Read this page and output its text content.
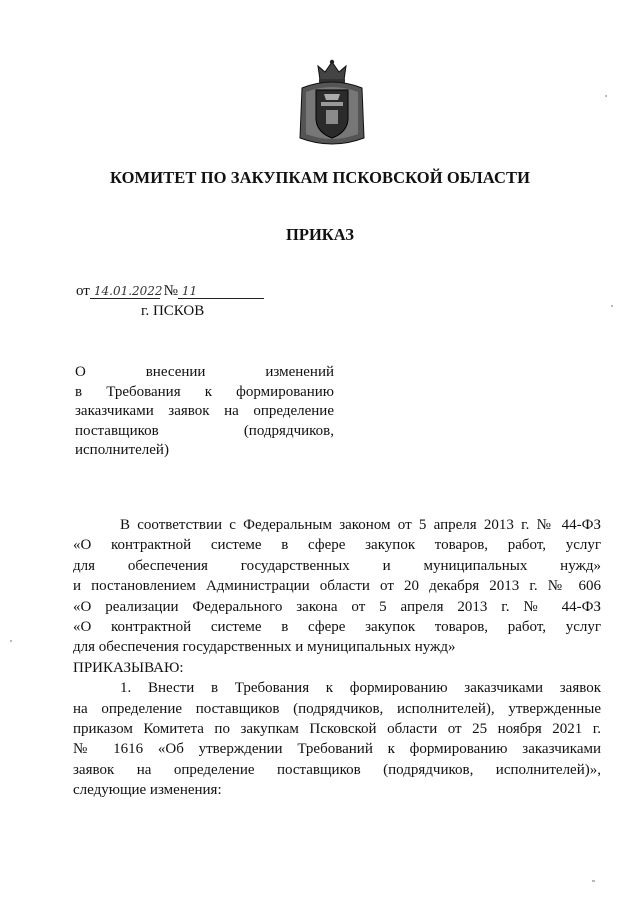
КОМИТЕТ ПО ЗАКУПКАМ ПСКОВСКОЙ ОБЛАСТИ
ПРИКАЗ
от 14.01.2022 № 11
г. ПСКОВ
О внесении изменений
в Требования к формированию
заказчиками заявок на определение
поставщиков (подрядчиков,
исполнителей)
В соответствии с Федеральным законом от 5 апреля 2013 г. № 44-ФЗ
«О контрактной системе в сфере закупок товаров, работ, услуг
для обеспечения государственных и муниципальных нужд»
и постановлением Администрации области от 20 декабря 2013 г. № 606
«О реализации Федерального закона от 5 апреля 2013 г. № 44-ФЗ
«О контрактной системе в сфере закупок товаров, работ, услуг
для обеспечения государственных и муниципальных нужд»
ПРИКАЗЫВАЮ:
1. Внести в Требования к формированию заказчиками заявок
на определение поставщиков (подрядчиков, исполнителей), утвержденные
приказом Комитета по закупкам Псковской области от 25 ноября 2021 г.
№ 1616 «Об утверждении Требований к формированию заказчиками
заявок на определение поставщиков (подрядчиков, исполнителей)»,
следующие изменения:
